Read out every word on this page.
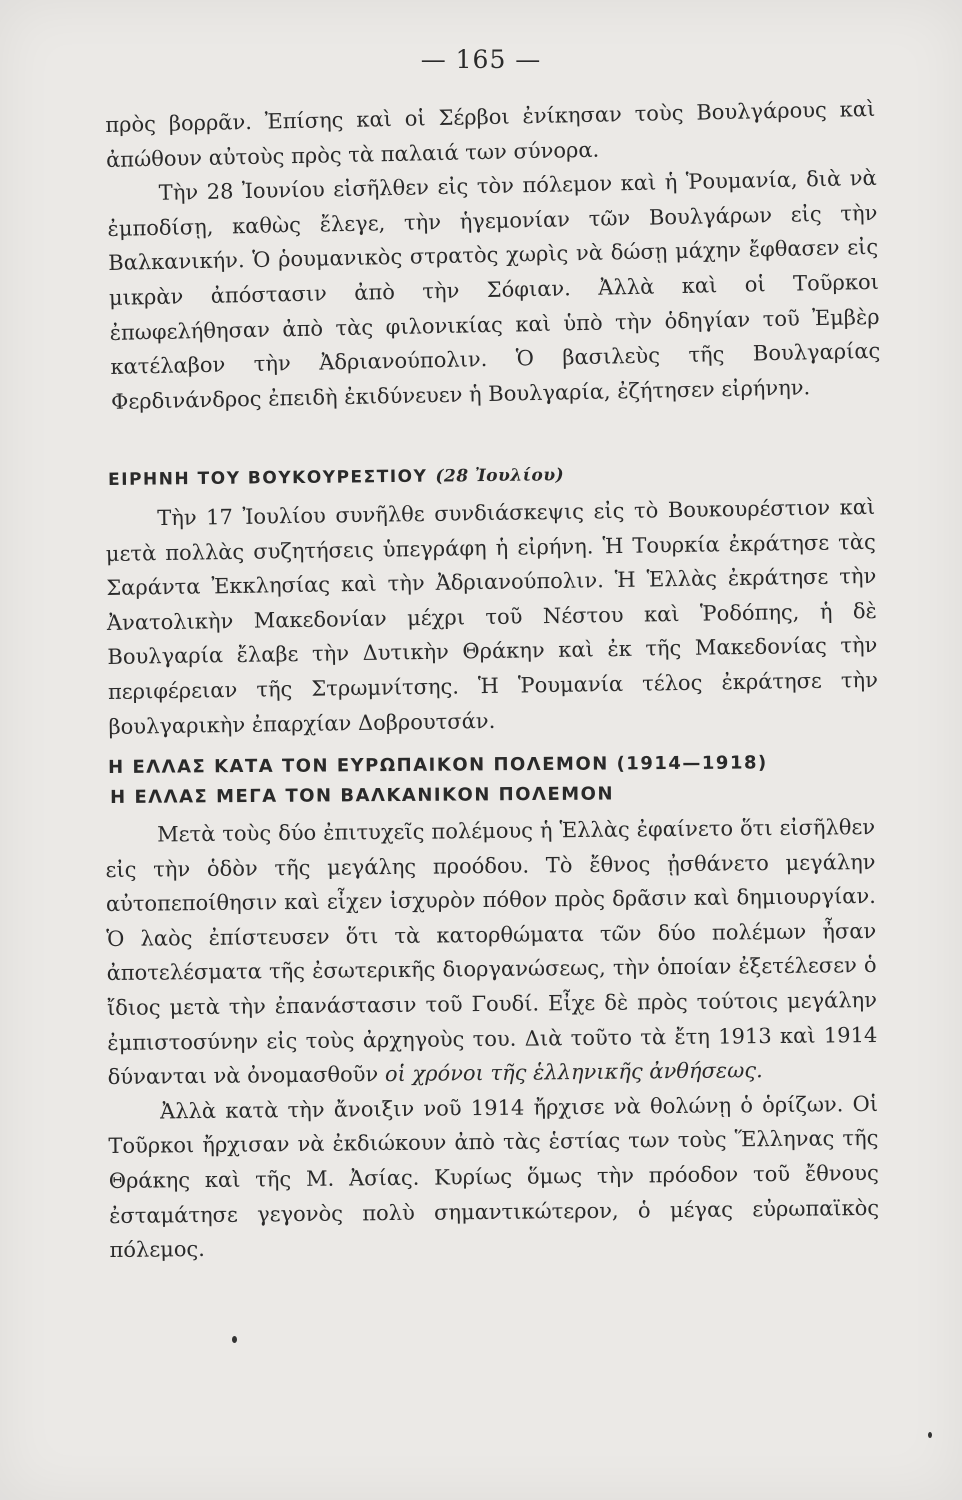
— 165 —

πρὸς βορρᾶν. Ἐπίσης καὶ οἱ Σέρβοι ἐνίκησαν τοὺς Βουλγάρους καὶ ἀπώθουν αὐτοὺς πρὸς τὰ παλαιά των σύνορα.

Τὴν 28 Ἰουνίου εἰσῆλθεν εἰς τὸν πόλεμον καὶ ἡ Ῥουμανία, διὰ νὰ ἐμποδίσῃ, καθὼς ἔλεγε, τὴν ἡγεμονίαν τῶν Βουλγάρων εἰς τὴν Βαλκανικήν. Ὁ ῥουμανικὸς στρατὸς χωρὶς νὰ δώσῃ μάχην ἔφθασεν εἰς μικρὰν ἀπόστασιν ἀπὸ τὴν Σόφιαν. Ἀλλὰ καὶ οἱ Τοῦρκοι ἐπωφελήθησαν ἀπὸ τὰς φιλονικίας καὶ ὑπὸ τὴν ὁδηγίαν τοῦ Ἐμβὲρ κατέλαβον τὴν Ἀδριανούπολιν. Ὁ βασιλεὺς τῆς Βουλγαρίας Φερδινάνδρος ἐπειδὴ ἐκιδύνευεν ἡ Βουλγαρία, ἐζήτησεν εἰρήνην.

ΕΙΡΗΝΗ ΤΟΥ ΒΟΥΚΟΥΡΕΣΤΙΟΥ (28 Ἰουλίου)

Τὴν 17 Ἰουλίου συνῆλθε συνδιάσκεψις εἰς τὸ Βουκουρέστιον καὶ μετὰ πολλὰς συζητήσεις ὑπεγράφη ἡ εἰρήνη. Ἡ Τουρκία ἐκράτησε τὰς Σαράντα Ἐκκλησίας καὶ τὴν Ἀδριανούπολιν. Ἡ Ἑλλὰς ἐκράτησε τὴν Ἀνατολικὴν Μακεδονίαν μέχρι τοῦ Νέστου καὶ Ῥοδόπης, ἡ δὲ Βουλγαρία ἔλαβε τὴν Δυτικὴν Θράκην καὶ ἐκ τῆς Μακεδονίας τὴν περιφέρειαν τῆς Στρωμνίτσης. Ἡ Ῥουμανία τέλος ἐκράτησε τὴν βουλγαρικὴν ἐπαρχίαν Δοβρουτσάν.

Η ΕΛΛΑΣ ΚΑΤΑ ΤΟΝ ΕΥΡΩΠΑΙΚΟΝ ΠΟΛΕΜΟΝ (1914—1918)
Η ΕΛΛΑΣ ΜΕΓΑ ΤΟΝ ΒΑΛΚΑΝΙΚΟΝ ΠΟΛΕΜΟΝ

Μετὰ τοὺς δύο ἐπιτυχεῖς πολέμους ἡ Ἑλλὰς ἐφαίνετο ὅτι εἰσῆλθεν εἰς τὴν ὁδὸν τῆς μεγάλης προόδου. Τὸ ἔθνος ᾐσθάνετο μεγάλην αὐτοπεποίθησιν καὶ εἶχεν ἰσχυρὸν πόθον πρὸς δρᾶσιν καὶ δημιουργίαν. Ὁ λαὸς ἐπίστευσεν ὅτι τὰ κατορθώματα τῶν δύο πολέμων ἦσαν ἀποτελέσματα τῆς ἐσωτερικῆς διοργανώσεως, τὴν ὁποίαν ἐξετέλεσεν ὁ ἴδιος μετὰ τὴν ἐπανάστασιν τοῦ Γουδί. Εἶχε δὲ πρὸς τούτοις μεγάλην ἐμπιστοσύνην εἰς τοὺς ἀρχηγοὺς του. Διὰ τοῦτο τὰ ἔτη 1913 καὶ 1914 δύνανται νὰ ὀνομασθοῦν οἱ χρόνοι τῆς ἑλληνικῆς ἀνθήσεως.

Ἀλλὰ κατὰ τὴν ἄνοιξιν νοῦ 1914 ἤρχισε νὰ θολώνῃ ὁ ὁρίζων. Οἱ Τοῦρκοι ἤρχισαν νὰ ἐκδιώκουν ἀπὸ τὰς ἑστίας των τοὺς Ἕλληνας τῆς Θράκης καὶ τῆς Μ. Ἀσίας. Κυρίως ὅμως τὴν πρόοδον τοῦ ἔθνους ἐσταμάτησε γεγονὸς πολὺ σημαντικώτερον, ὁ μέγας εὐρωπαϊκὸς πόλεμος.
